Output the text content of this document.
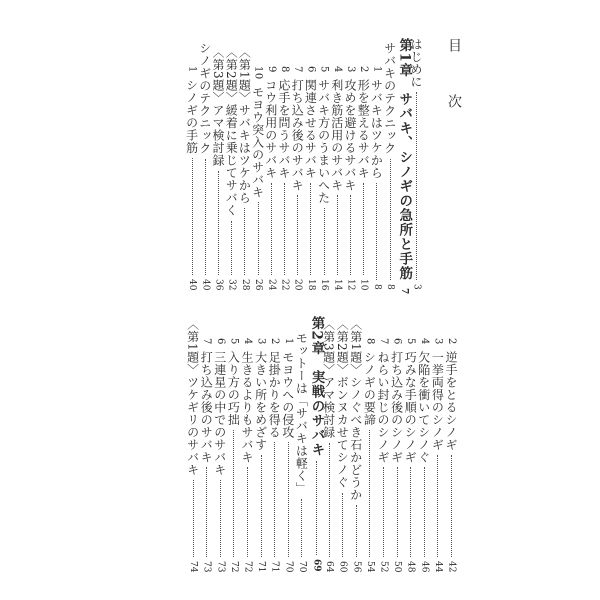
目　次
はじめに
3
第1章　サバキ、シノギの急所と手筋
7
サバキのテクニック
8
1
サバキはツケから
8
2
形を整えるサバキ
10
3
攻めを避けるサバキ
12
4
利き筋活用のサバキ
14
5
サバキ方のうまいへた
16
6
関連させるサバキ
18
7
打ち込み後のサバキ
20
8
応手を問うサバキ
22
9
コウ利用のサバキ
24
10
モヨウ突入のサバキ
26
〈第1題〉サバキはツケから
28
〈第2題〉緩着に乗じてサバく
32
〈第3題〉アマ検討録
36
シノギのテクニック
40
1
シノギの手筋
40
2
逆手をとるシノギ
42
3
一挙両得のシノギ
44
4
欠陥を衝いてシノぐ
46
5
巧みな手順のシノギ
48
6
打ち込み後のシノギ
50
7
ねらい封じのシノギ
52
8
シノギの要諦
54
〈第1題〉シノぐべき石かどうか
56
〈第2題〉ボンヌカせてシノぐ
60
〈第3題〉アマ検討録
64
第2章　実戦のサバキ
69
モットーは「サバキは軽く」
70
1
モヨウへの侵攻
70
2
足掛かりを得る
71
3
大きい所をめざす
71
4
生きるよりもサバキ
72
5
入り方の巧拙
72
6
三連星の中でのサバキ
73
7
打ち込み後のサバキ
73
〈第1題〉ツケギリのサバキ
74
